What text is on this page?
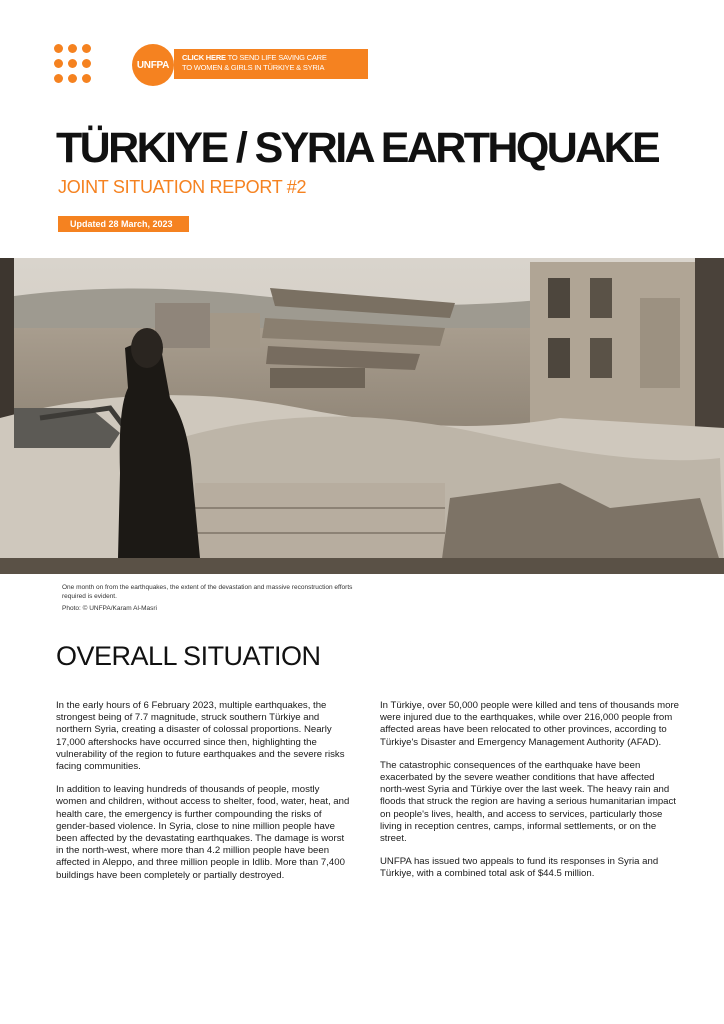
UNFPA
CLICK HERE TO SEND LIFE SAVING CARE
TO WOMEN & GIRLS IN TÜRKIYE & SYRIA
TÜRKIYE / SYRIA EARTHQUAKE
JOINT SITUATION REPORT #2
Updated 28 March, 2023
One month on from the earthquakes, the extent of the devastation and massive reconstruction efforts required is evident.
Photo: © UNFPA/Karam Al-Masri
OVERALL SITUATION

In the early hours of 6 February 2023, multiple earthquakes, the strongest being of 7.7 magnitude, struck southern Türkiye and northern Syria, creating a disaster of colossal proportions. Nearly 17,000 aftershocks have occurred since then, highlighting the vulnerability of the region to future earthquakes and the severe risks facing communities.

In addition to leaving hundreds of thousands of people, mostly women and children, without access to shelter, food, water, heat, and health care, the emergency is further compounding the risks of gender-based violence. In Syria, close to nine million people have been affected by the devastating earthquakes. The damage is worst in the north-west, where more than 4.2 million people have been affected in Aleppo, and three million people in Idlib. More than 7,400 buildings have been completely or partially destroyed.

In Türkiye, over 50,000 people were killed and tens of thousands more were injured due to the earthquakes, while over 216,000 people from affected areas have been relocated to other provinces, according to Türkiye's Disaster and Emergency Management Authority (AFAD).

The catastrophic consequences of the earthquake have been exacerbated by the severe weather conditions that have affected north-west Syria and Türkiye over the last week. The heavy rain and floods that struck the region are having a serious humanitarian impact on people's lives, health, and access to services, particularly those living in reception centres, camps, informal settlements, or on the street.

UNFPA has issued two appeals to fund its responses in Syria and Türkiye, with a combined total ask of $44.5 million.
